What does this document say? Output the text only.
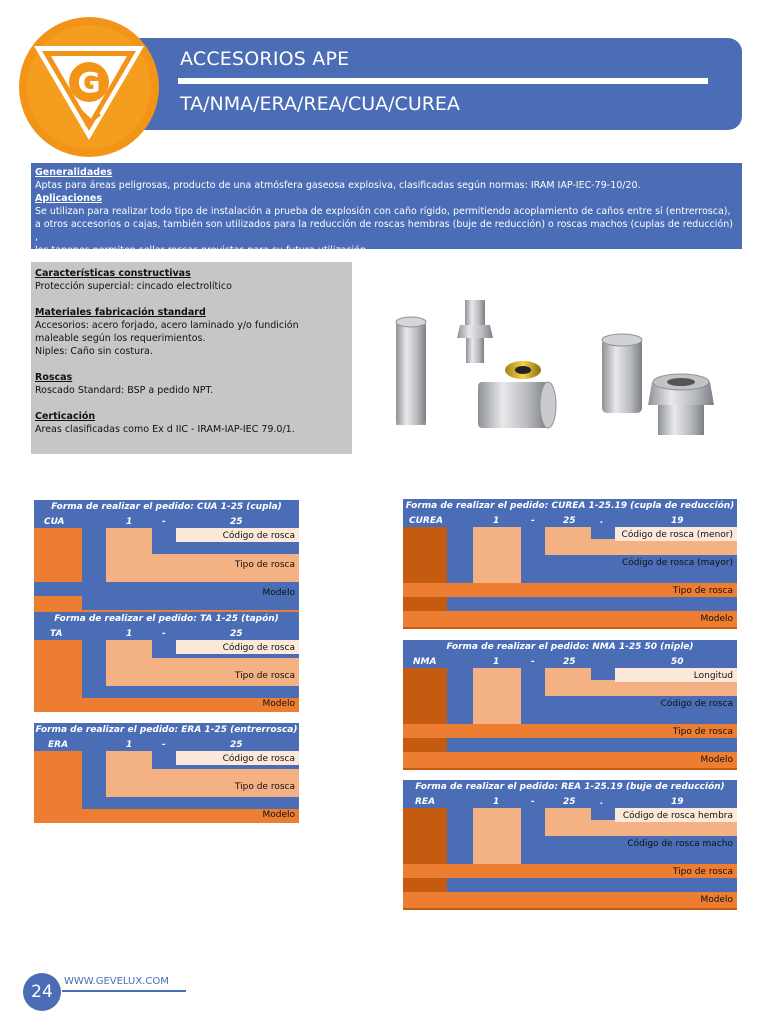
ACCESORIOS APE
TA/NMA/ERA/REA/CUA/CUREA
G
Generalidades
Aptas para áreas peligrosas, producto de una atmósfera gaseosa explosiva, clasificadas según normas: IRAM IAP-IEC-79-10/20.
Aplicaciones
Se utilizan para realizar todo tipo de instalación a prueba de explosión con caño rígido, permitiendo acoplamiento de caños entre sí (entrerrosca),
a otros accesorios o cajas, también son utilizados para la reducción de roscas hembras (buje de reducción) o roscas machos (cuplas de reducción) ,
los tapones permiten sellar roscas previstas para su futura utilización.
Características constructivas
Protección supercial: cincado electrolítico
Materiales fabricación standard
Accesorios: acero forjado, acero laminado y/o fundición
maleable según los requerimientos.
Niples: Caño sin costura.
Roscas
Roscado Standard: BSP a pedido NPT.
Certicación
Areas clasificadas como Ex d IIC - IRAM-IAP-IEC 79.0/1.
Forma de realizar el pedido: CUA 1-25 (cupla)
CUA	1	-	25
Código de rosca
Tipo de rosca
Modelo
Forma de realizar el pedido: TA 1-25 (tapón)
TA	1	-	25
Código de rosca
Tipo de rosca
Modelo
Forma de realizar el pedido: ERA 1-25 (entrerrosca)
ERA	1	-	25
Código de rosca
Tipo de rosca
Modelo
Forma de realizar el pedido: CUREA 1-25.19 (cupla de reducción)
CUREA	1	-	25	.	19
Código de rosca (menor)
Código de rosca (mayor)
Tipo de rosca
Modelo
Forma de realizar el pedido: NMA 1-25 50 (niple)
NMA	1	-	25	50
Longitud
Código de rosca
Tipo de rosca
Modelo
Forma de realizar el pedido: REA 1-25.19 (buje de reducción)
REA	1	-	25	.	19
Código de rosca hembra
Código de rosca macho
Tipo de rosca
Modelo
24
WWW.GEVELUX.COM
